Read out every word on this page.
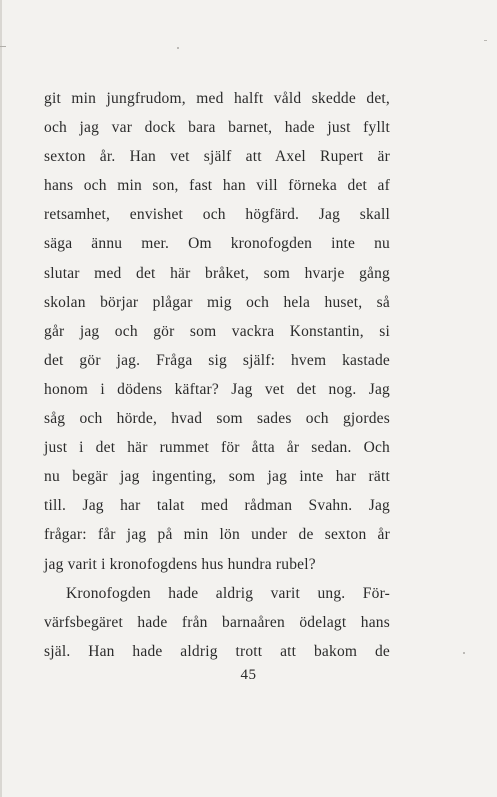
git min jungfrudom, med halft våld skedde det,
och jag var dock bara barnet, hade just fyllt
sexton år. Han vet själf att Axel Rupert är
hans och min son, fast han vill förneka det af
retsamhet, envishet och högfärd. Jag skall
säga ännu mer. Om kronofogden inte nu
slutar med det här bråket, som hvarje gång
skolan börjar plågar mig och hela huset, så
går jag och gör som vackra Konstantin, si
det gör jag. Fråga sig själf: hvem kastade
honom i dödens käftar? Jag vet det nog. Jag
såg och hörde, hvad som sades och gjordes
just i det här rummet för åtta år sedan. Och
nu begär jag ingenting, som jag inte har rätt
till. Jag har talat med rådman Svahn. Jag
frågar: får jag på min lön under de sexton år
jag varit i kronofogdens hus hundra rubel?
Kronofogden hade aldrig varit ung. För-
värfsbegäret hade från barnaåren ödelagt hans
själ. Han hade aldrig trott att bakom de
45
